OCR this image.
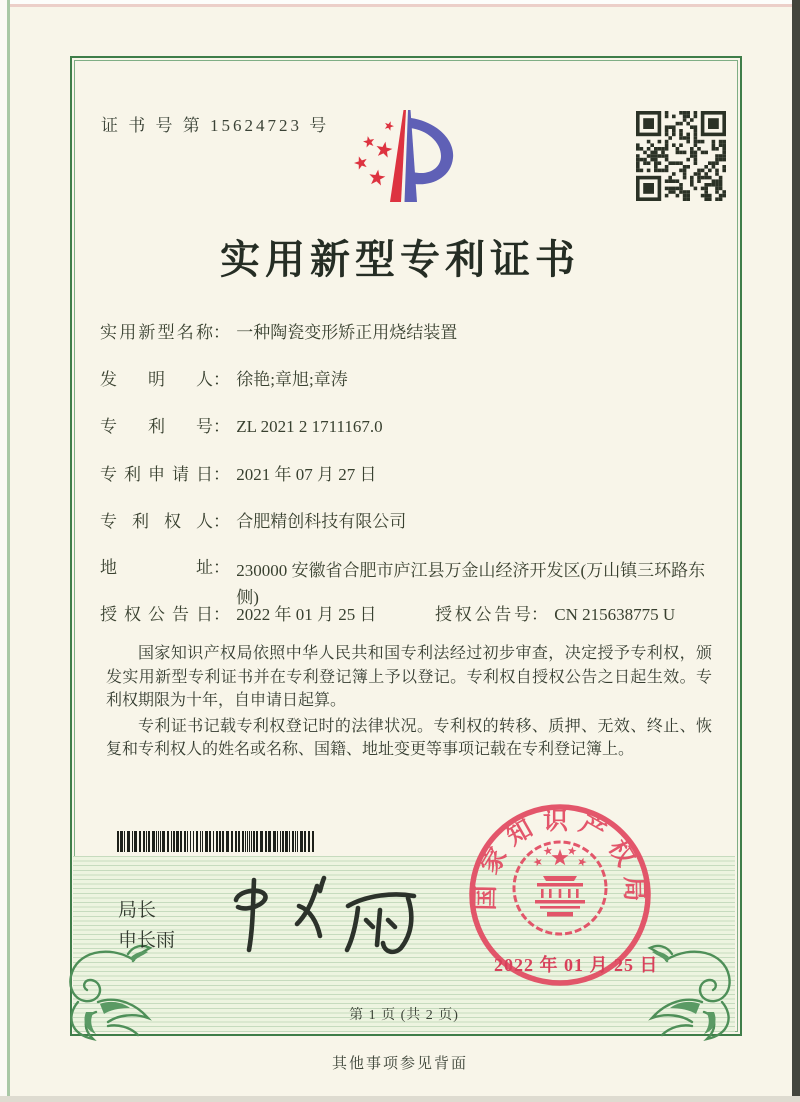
证 书 号 第 15624723 号
实用新型专利证书
实用新型名称： 一种陶瓷变形矫正用烧结装置
发明人： 徐艳;章旭;章涛
专利号： ZL 2021 2 1711167.0
专利申请日： 2021 年 07 月 27 日
专利权人： 合肥精创科技有限公司
地址： 230000 安徽省合肥市庐江县万金山经济开发区(万山镇三环路东侧)
授权公告日： 2022 年 01 月 25 日	授权公告号： CN 215638775 U

国家知识产权局依照中华人民共和国专利法经过初步审查，决定授予专利权，颁发实用新型专利证书并在专利登记簿上予以登记。专利权自授权公告之日起生效。专利权期限为十年，自申请日起算。

专利证书记载专利权登记时的法律状况。专利权的转移、质押、无效、终止、恢复和专利权人的姓名或名称、国籍、地址变更等事项记载在专利登记簿上。

局长
申长雨
国家知识产权局
2022 年 01 月 25 日
第 1 页 (共 2 页)
其他事项参见背面
